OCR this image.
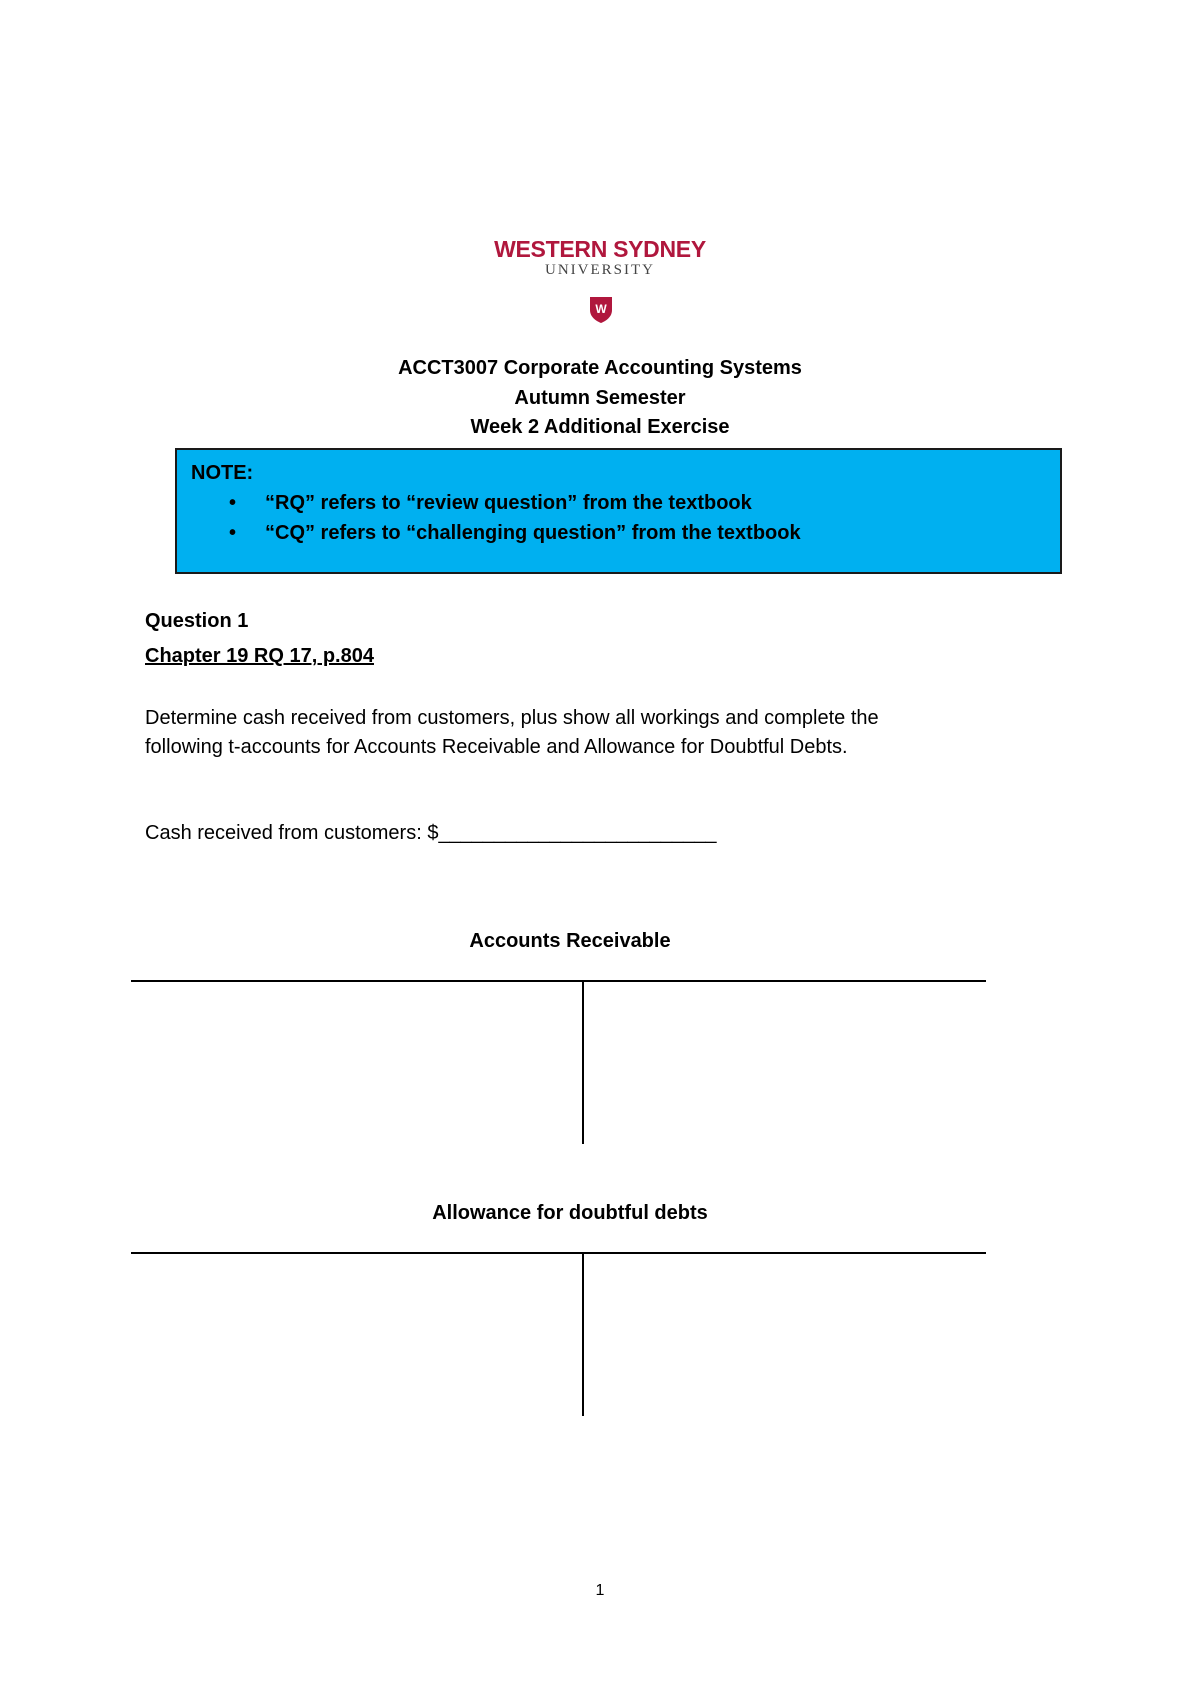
WESTERN SYDNEY
UNIVERSITY
W
ACCT3007 Corporate Accounting Systems
Autumn Semester
Week 2 Additional Exercise
NOTE:
• “RQ” refers to “review question” from the textbook
• “CQ” refers to “challenging question” from the textbook
Question 1
Chapter 19 RQ 17, p.804
Determine cash received from customers, plus show all workings and complete the
following t-accounts for Accounts Receivable and Allowance for Doubtful Debts.
Cash received from customers: $_________________________
Accounts Receivable
Allowance for doubtful debts
1
